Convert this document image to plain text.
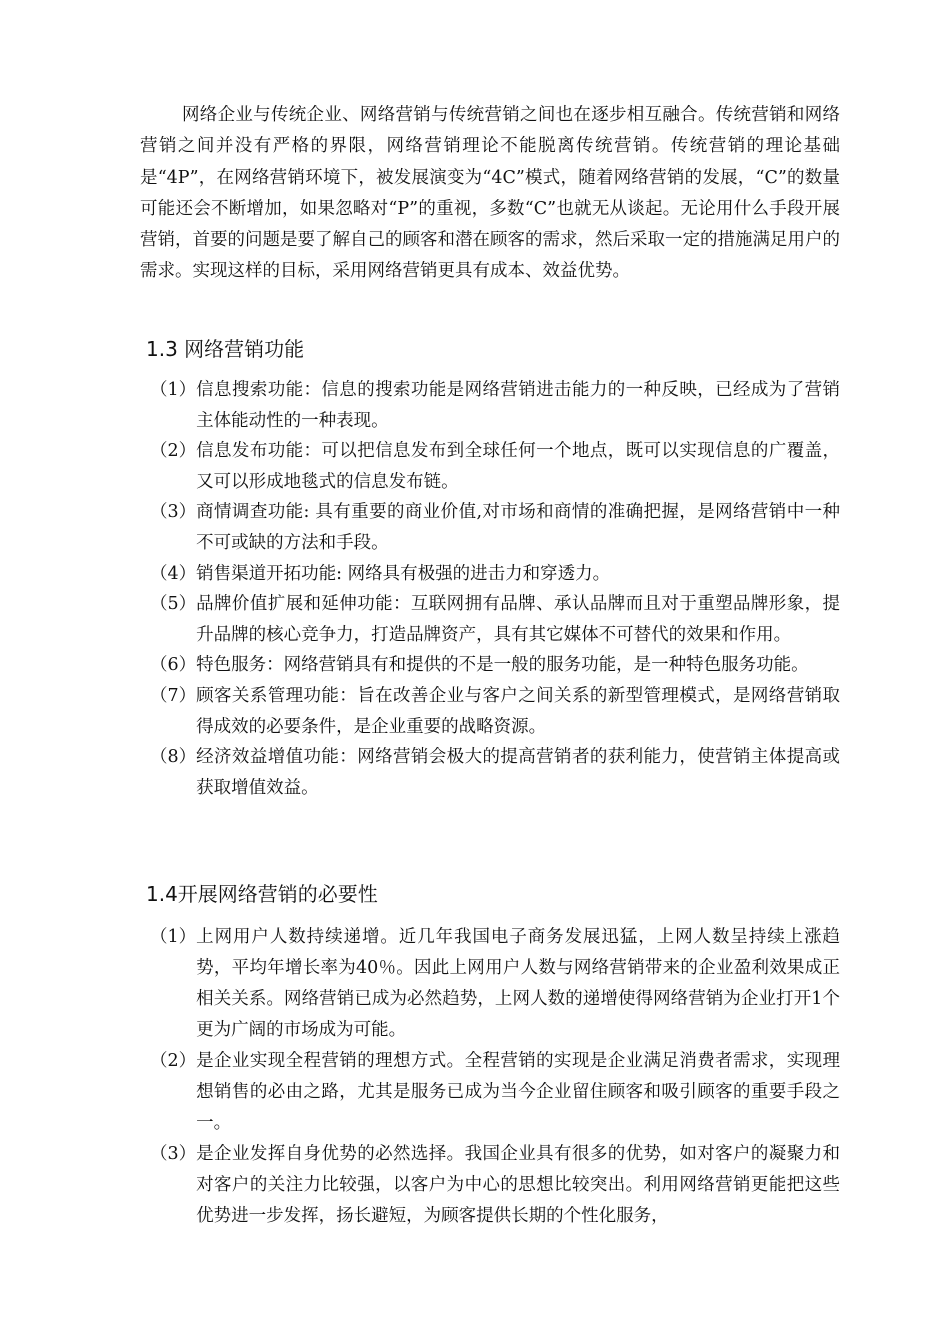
网络企业与传统企业、网络营销与传统营销之间也在逐步相互融合。传统营销和网络营销之间并没有严格的界限，网络营销理论不能脱离传统营销。传统营销的理论基础是“4P”，在网络营销环境下，被发展演变为“4C”模式，随着网络营销的发展，“C”的数量可能还会不断增加，如果忽略对“P”的重视，多数“C”也就无从谈起。无论用什么手段开展营销，首要的问题是要了解自己的顾客和潜在顾客的需求，然后采取一定的措施满足用户的需求。实现这样的目标，采用网络营销更具有成本、效益优势。

1.3 网络营销功能
（1） 信息搜索功能：信息的搜索功能是网络营销进击能力的一种反映，已经成为了营销主体能动性的一种表现。
（2） 信息发布功能：可以把信息发布到全球任何一个地点，既可以实现信息的广覆盖，又可以形成地毯式的信息发布链。
（3） 商情调查功能: 具有重要的商业价值,对市场和商情的准确把握，是网络营销中一种不可或缺的方法和手段。
（4） 销售渠道开拓功能: 网络具有极强的进击力和穿透力。
（5） 品牌价值扩展和延伸功能：互联网拥有品牌、承认品牌而且对于重塑品牌形象，提升品牌的核心竞争力，打造品牌资产，具有其它媒体不可替代的效果和作用。
（6） 特色服务：网络营销具有和提供的不是一般的服务功能，是一种特色服务功能。
（7） 顾客关系管理功能：旨在改善企业与客户之间关系的新型管理模式，是网络营销取得成效的必要条件，是企业重要的战略资源。
（8） 经济效益增值功能：网络营销会极大的提高营销者的获利能力，使营销主体提高或获取增值效益。
1.4开展网络营销的必要性
（1） 上网用户人数持续递增。近几年我国电子商务发展迅猛，上网人数呈持续上涨趋势，平均年增长率为40％。因此上网用户人数与网络营销带来的企业盈利效果成正相关关系。网络营销已成为必然趋势，上网人数的递增使得网络营销为企业打开1个更为广阔的市场成为可能。
（2） 是企业实现全程营销的理想方式。全程营销的实现是企业满足消费者需求，实现理想销售的必由之路，尤其是服务已成为当今企业留住顾客和吸引顾客的重要手段之一。
（3） 是企业发挥自身优势的必然选择。我国企业具有很多的优势，如对客户的凝聚力和对客户的关注力比较强，以客户为中心的思想比较突出。利用网络营销更能把这些优势进一步发挥，扬长避短，为顾客提供长期的个性化服务，
